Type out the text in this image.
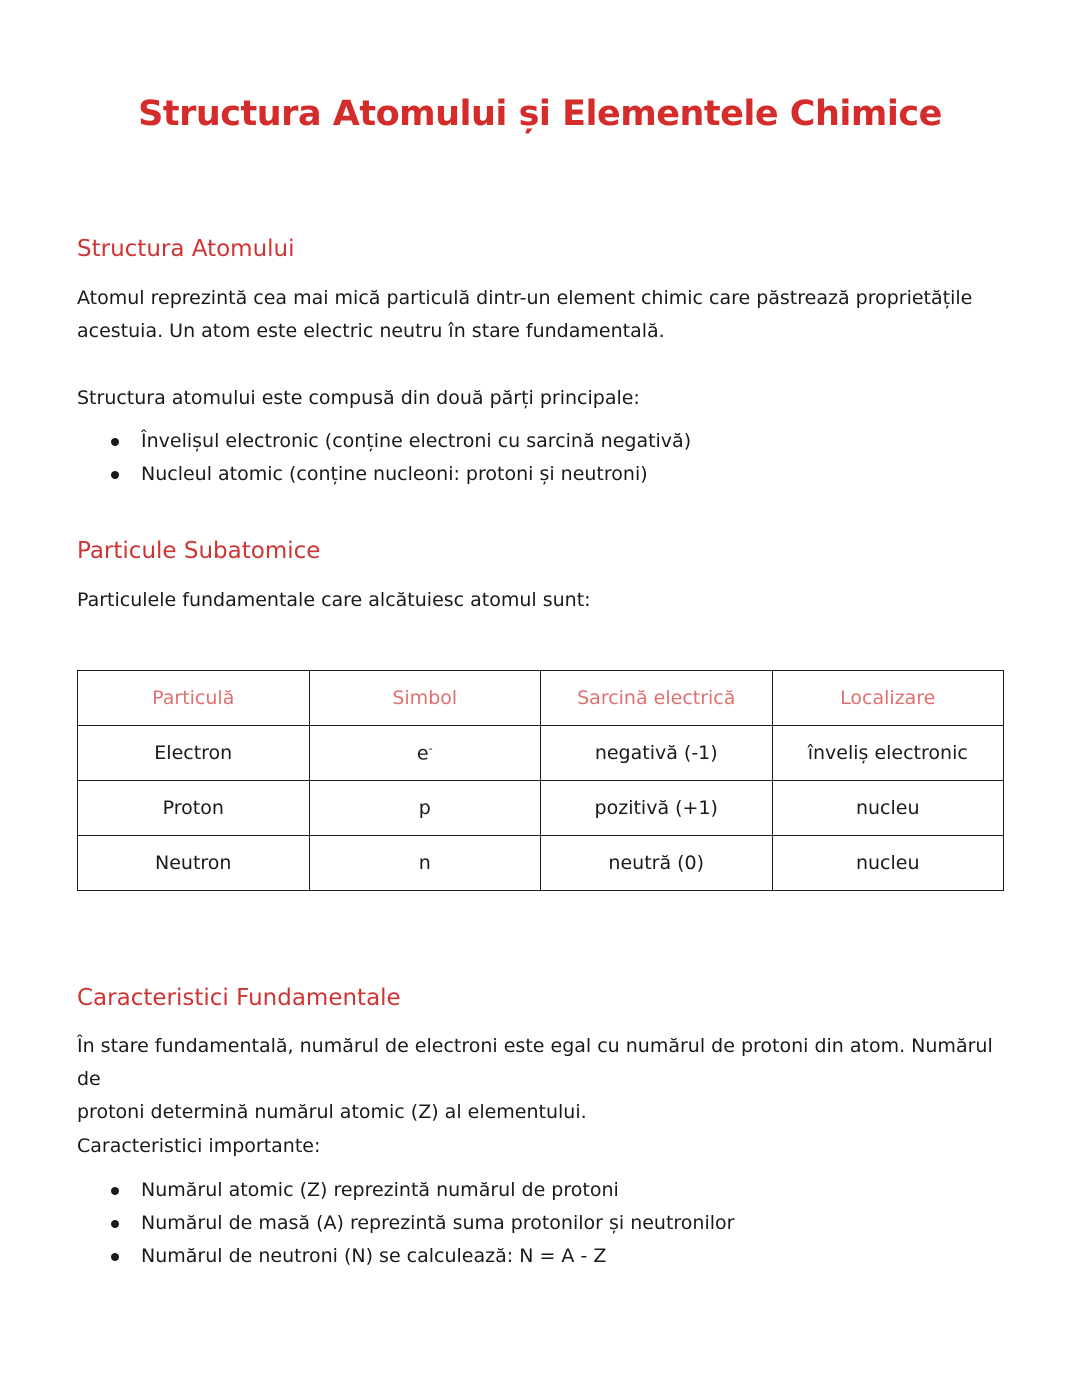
Structura Atomului și Elementele Chimice
Structura Atomului
Atomul reprezintă cea mai mică particulă dintr-un element chimic care păstrează proprietățile
acestuia. Un atom este electric neutru în stare fundamentală.
Structura atomului este compusă din două părți principale:
Învelișul electronic (conține electroni cu sarcină negativă)
Nucleul atomic (conține nucleoni: protoni și neutroni)
Particule Subatomice
Particulele fundamentale care alcătuiesc atomul sunt:
Particulă	Simbol	Sarcină electrică	Localizare
Electron	e-	negativă (-1)	înveliș electronic
Proton	p	pozitivă (+1)	nucleu
Neutron	n	neutră (0)	nucleu
Caracteristici Fundamentale
În stare fundamentală, numărul de electroni este egal cu numărul de protoni din atom. Numărul de
protoni determină numărul atomic (Z) al elementului.
Caracteristici importante:
Numărul atomic (Z) reprezintă numărul de protoni
Numărul de masă (A) reprezintă suma protonilor și neutronilor
Numărul de neutroni (N) se calculează: N = A - Z
